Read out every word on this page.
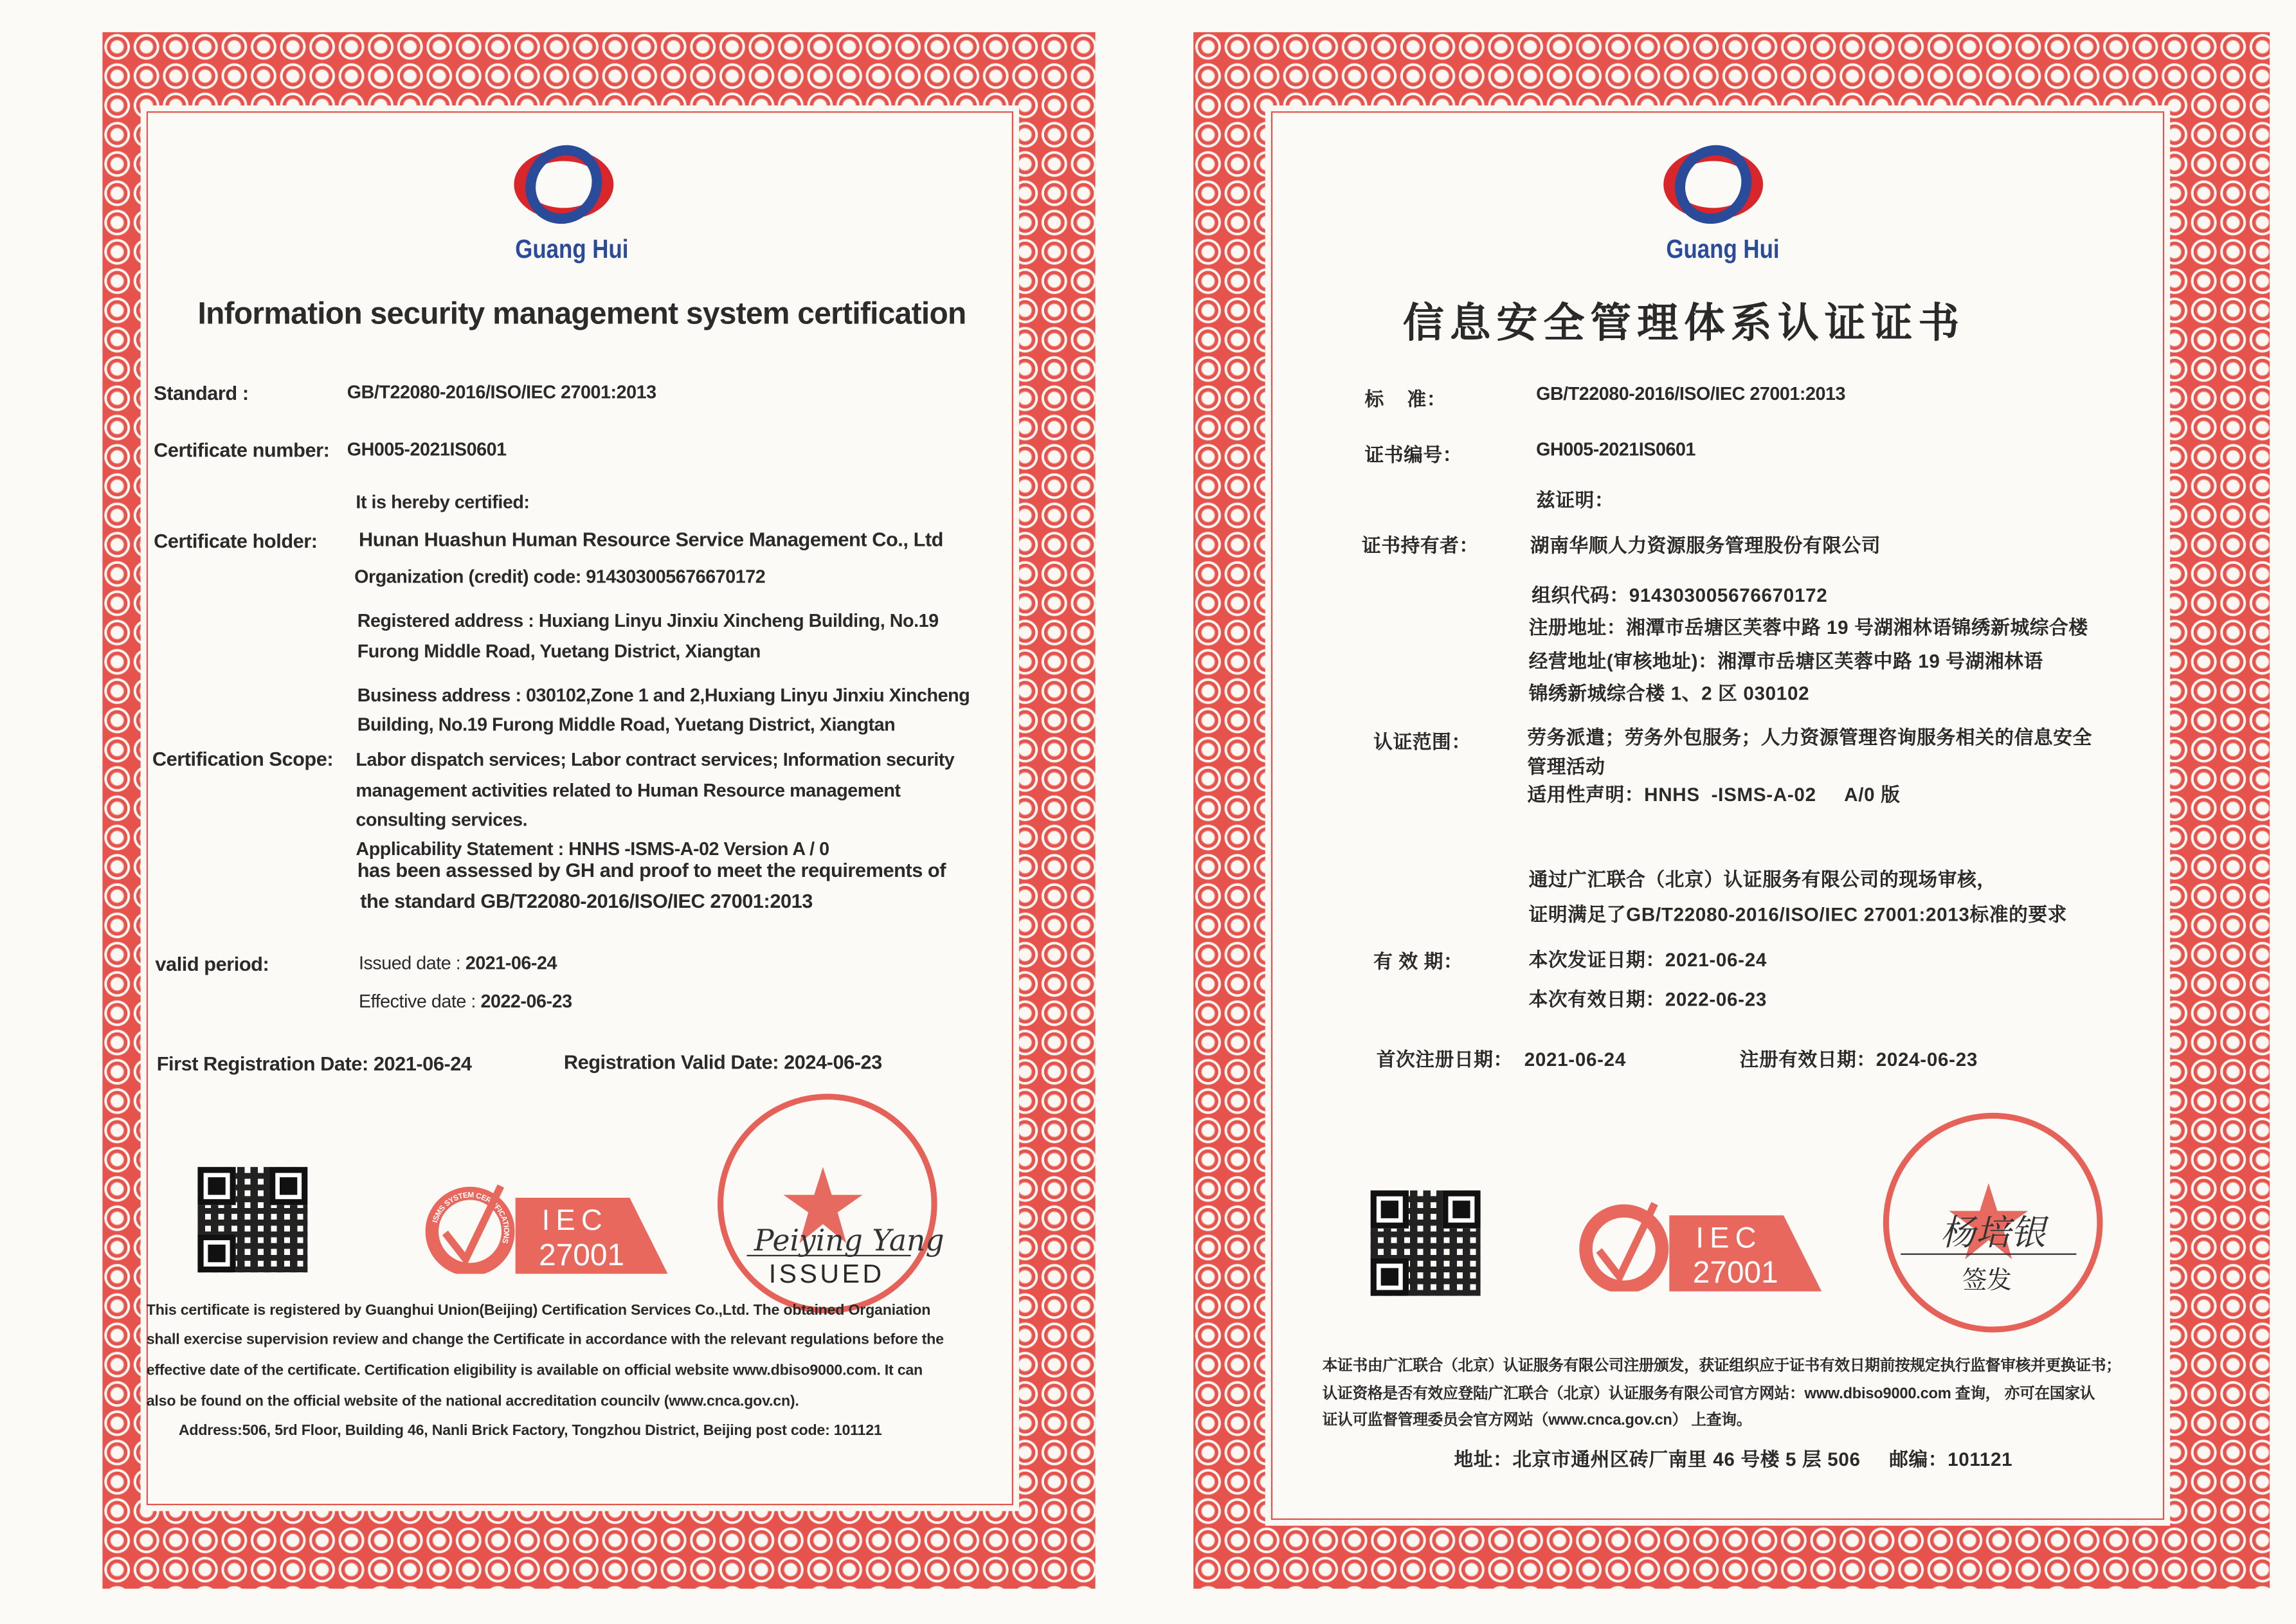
Guang Hui
Information security management system certification
Standard :	GB/T22080-2016/ISO/IEC 27001:2013
Certificate number: GH005-2021IS0601
It is hereby certified:
Certificate holder:	Hunan Huashun Human Resource Service Management Co., Ltd
Organization (credit) code: 914303005676670172
Registered address : Huxiang Linyu Jinxiu Xincheng Building, No.19
Furong Middle Road, Yuetang District, Xiangtan
Business address : 030102,Zone 1 and 2,Huxiang Linyu Jinxiu Xincheng
Building, No.19 Furong Middle Road, Yuetang District, Xiangtan
Certification Scope:	Labor dispatch services; Labor contract services; Information security
management activities related to Human Resource management
consulting services.
Applicability Statement : HNHS -ISMS-A-02 Version A / 0
has been assessed by GH and proof to meet the requirements of
the standard GB/T22080-2016/ISO/IEC 27001:2013
valid period:	Issued date : 2021-06-24
Effective date : 2022-06-23
First Registration Date: 2021-06-24	Registration Valid Date: 2024-06-23
ISMS SYSTEM CERTIFICATIONS
IEC
27001	Peiying Yang
ISSUED
This certificate is registered by Guanghui Union(Beijing) Certification Services Co.,Ltd. The obtained Organiation
shall exercise supervision review and change the Certificate in accordance with the relevant regulations before the
effective date of the certificate. Certification eligibility is available on official website www.dbiso9000.com. It can
also be found on the official website of the national accreditation councilv (www.cnca.gov.cn).
Address:506, 5rd Floor, Building 46, Nanli Brick Factory, Tongzhou District, Beijing post code: 101121
Guang Hui
信息安全管理体系认证证书
标    准：	GB/T22080-2016/ISO/IEC 27001:2013
证书编号：	GH005-2021IS0601
兹证明：
证书持有者：	湖南华顺人力资源服务管理股份有限公司
组织代码：914303005676670172
注册地址：湘潭市岳塘区芙蓉中路 19 号湖湘林语锦绣新城综合楼
经营地址(审核地址)：湘潭市岳塘区芙蓉中路 19 号湖湘林语
锦绣新城综合楼 1、2 区 030102
认证范围：	劳务派遣；劳务外包服务；人力资源管理咨询服务相关的信息安全
管理活动
适用性声明：HNHS  -ISMS-A-02     A/0 版
通过广汇联合（北京）认证服务有限公司的现场审核，
证明满足了GB/T22080-2016/ISO/IEC 27001:2013标准的要求
有 效 期：	本次发证日期：2021-06-24
本次有效日期：2022-06-23
首次注册日期：  2021-06-24	注册有效日期：2024-06-23
IEC
27001
杨培银
签发
本证书由广汇联合（北京）认证服务有限公司注册颁发，获证组织应于证书有效日期前按规定执行监督审核并更换证书；
认证资格是否有效应登陆广汇联合（北京）认证服务有限公司官方网站：www.dbiso9000.com 查询， 亦可在国家认
证认可监督管理委员会官方网站（www.cnca.gov.cn） 上查询。
地址：北京市通州区砖厂南里 46 号楼 5 层 506     邮编：101121
